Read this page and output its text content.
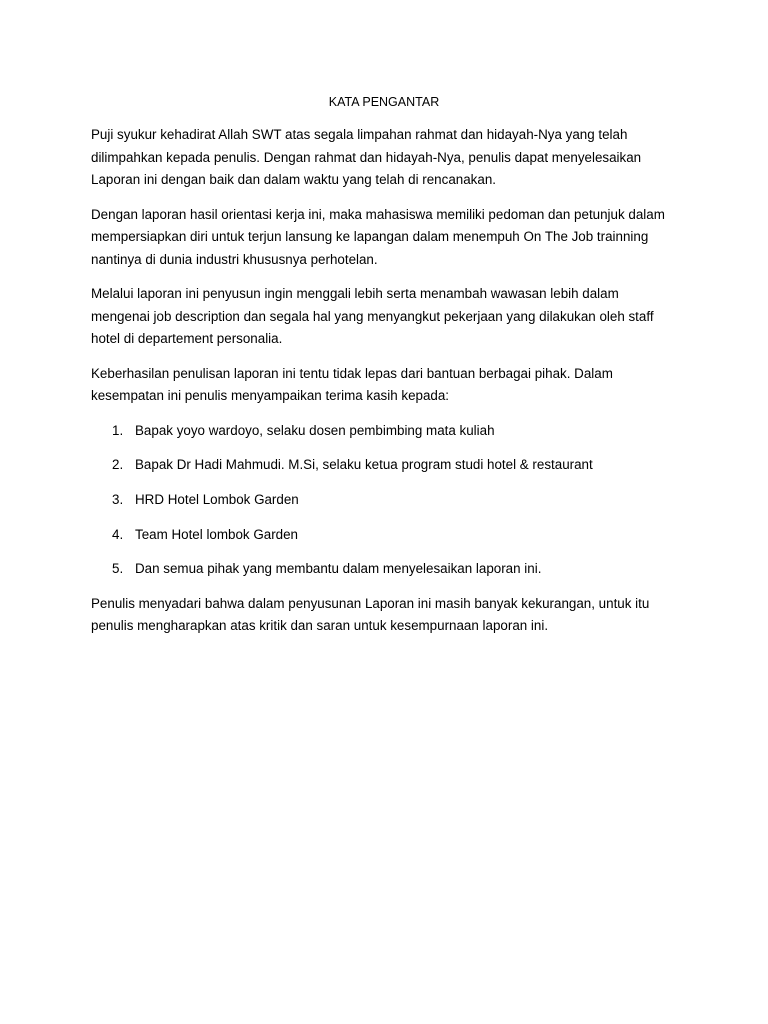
KATA PENGANTAR

Puji syukur kehadirat Allah SWT atas segala limpahan rahmat dan hidayah-Nya yang telah dilimpahkan kepada penulis. Dengan rahmat dan hidayah-Nya, penulis dapat menyelesaikan Laporan ini dengan baik dan dalam waktu yang telah di rencanakan.

Dengan laporan hasil orientasi kerja ini, maka mahasiswa memiliki pedoman dan petunjuk dalam mempersiapkan diri untuk terjun lansung ke lapangan dalam menempuh On The Job trainning nantinya di dunia industri khususnya perhotelan.

Melalui laporan ini penyusun ingin menggali lebih serta menambah wawasan lebih dalam mengenai job description dan segala hal yang menyangkut pekerjaan yang dilakukan oleh staff hotel di departement personalia.

Keberhasilan penulisan laporan ini tentu tidak lepas dari bantuan berbagai pihak. Dalam kesempatan ini penulis menyampaikan terima kasih kepada:

1. Bapak yoyo wardoyo, selaku dosen pembimbing mata kuliah
2. Bapak Dr Hadi Mahmudi. M.Si, selaku ketua program studi hotel & restaurant
3. HRD Hotel Lombok Garden
4. Team Hotel lombok Garden
5. Dan semua pihak yang membantu dalam menyelesaikan laporan ini.

Penulis menyadari bahwa dalam penyusunan Laporan ini masih banyak kekurangan, untuk itu penulis mengharapkan atas kritik dan saran untuk kesempurnaan laporan ini.
